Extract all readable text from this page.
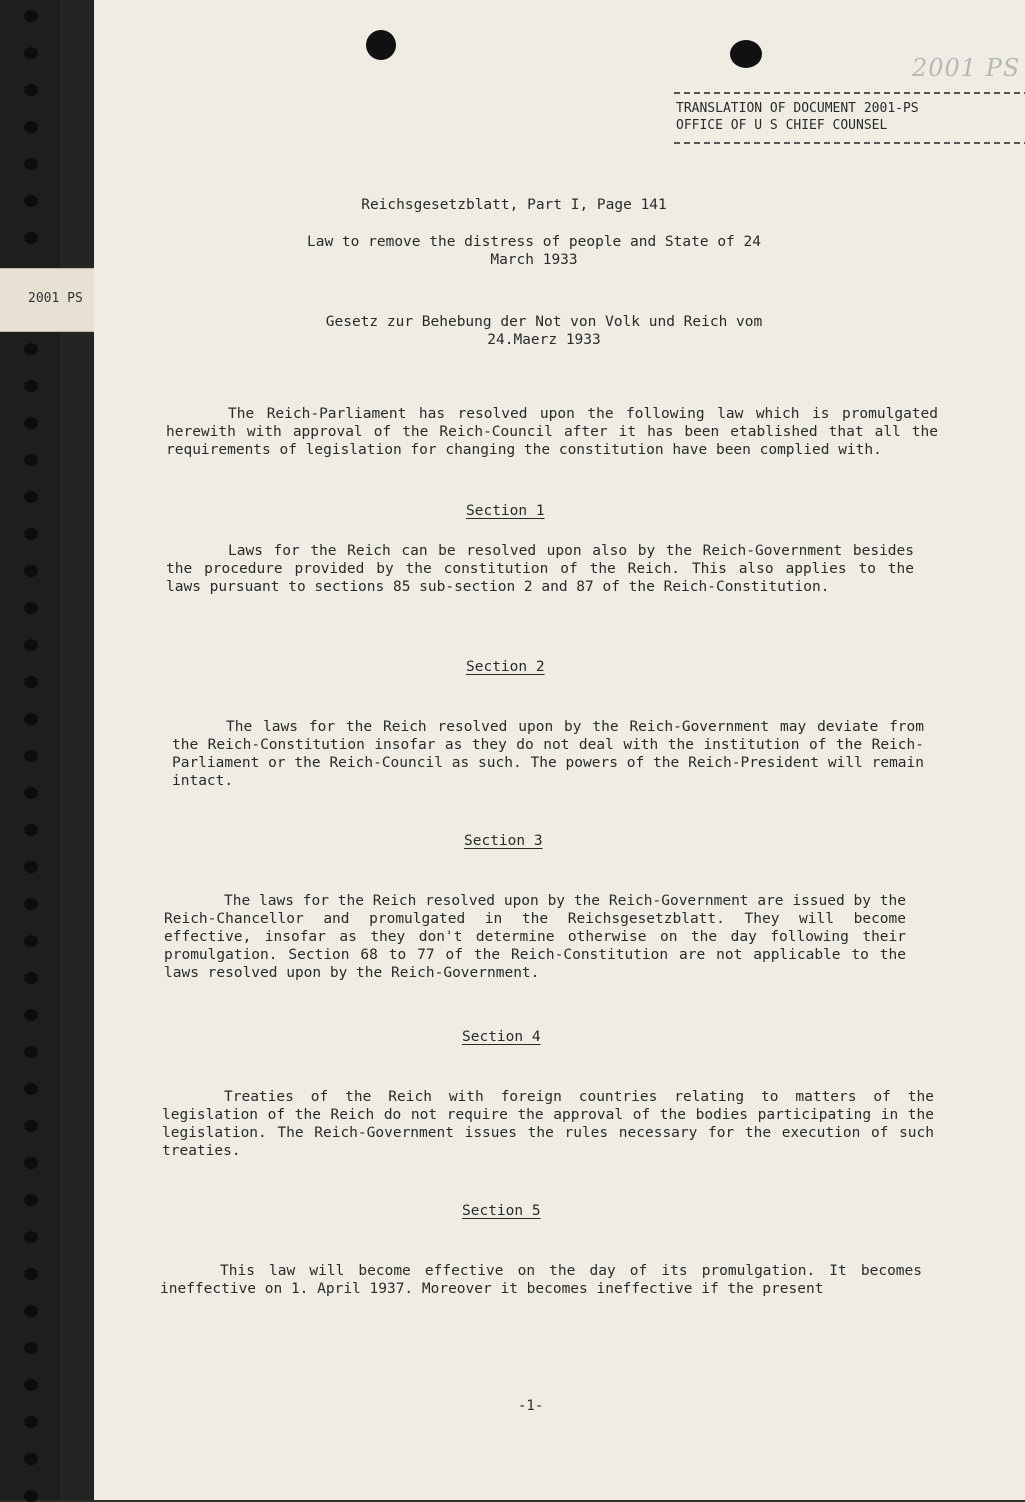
2001 PS
TRANSLATION OF DOCUMENT 2001-PS
OFFICE OF U S CHIEF COUNSEL
Reichsgesetzblatt, Part I, Page 141
Law to remove the distress of people and State of 24 March 1933
Gesetz zur Behebung der Not von Volk und Reich vom 24.Maerz 1933
The Reich-Parliament has resolved upon the following law which is promulgated herewith with approval of the Reich-Council after it has been etablished that all the requirements of legislation for changing the constitution have been complied with.
Section 1
Laws for the Reich can be resolved upon also by the Reich-Government besides the procedure provided by the constitution of the Reich. This also applies to the laws pursuant to sections 85 sub-section 2 and 87 of the Reich-Constitution.
Section 2
The laws for the Reich resolved upon by the Reich-Government may deviate from the Reich-Constitution insofar as they do not deal with the institution of the Reich-Parliament or the Reich-Council as such. The powers of the Reich-President will remain intact.
Section 3
The laws for the Reich resolved upon by the Reich-Government are issued by the Reich-Chancellor and promulgated in the Reichsgesetzblatt. They will become effective, insofar as they don't determine otherwise on the day following their promulgation. Section 68 to 77 of the Reich-Constitution are not applicable to the laws resolved upon by the Reich-Government.
Section 4
Treaties of the Reich with foreign countries relating to matters of the legislation of the Reich do not require the approval of the bodies participating in the legislation. The Reich-Government issues the rules necessary for the execution of such treaties.
Section 5
This law will become effective on the day of its promulgation. It becomes ineffective on 1. April 1937. Moreover it becomes ineffective if the present
-1-
2001 PS
